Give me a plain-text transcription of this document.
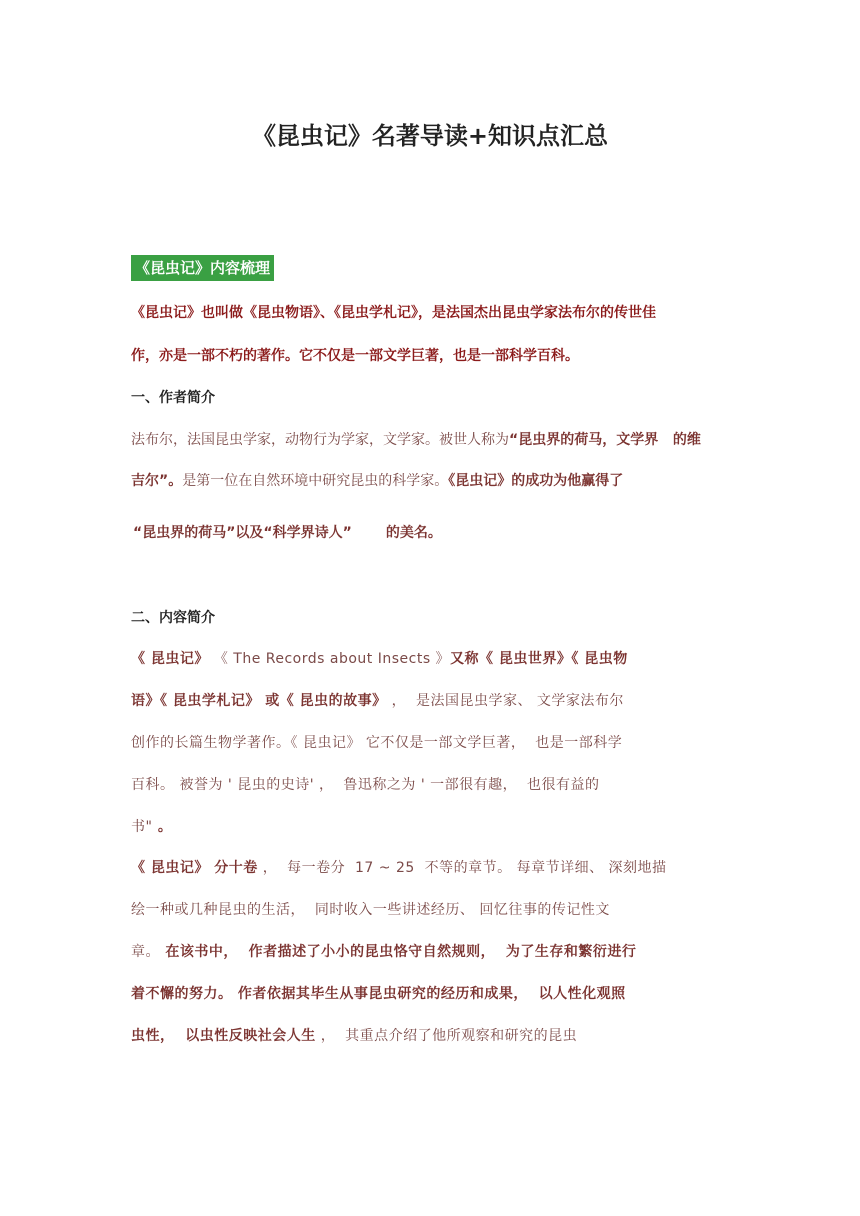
《昆虫记》名著导读+知识点汇总
《昆虫记》内容梳理
《昆虫记》也叫做《昆虫物语》、《昆虫学札记》，是法国杰出昆虫学家法布尔的传世佳
作，亦是一部不朽的著作。它不仅是一部文学巨著，也是一部科学百科。
一、作者简介
法布尔，法国昆虫学家，动物行为学家，文学家。被世人称为“昆虫界的荷马，文学界   的维
吉尔”。是第一位在自然环境中研究昆虫的科学家。《昆虫记》的成功为他赢得了
“昆虫界的荷马”以及“科学界诗人”       的美名。
二、内容简介
《 昆虫记》 《 The Records about Insects 》又称《 昆虫世界》《 昆虫物
语》《 昆虫学札记》 或《 昆虫的故事》 ，  是法国昆虫学家、 文学家法布尔
创作的长篇生物学著作。《 昆虫记》 它不仅是一部文学巨著，  也是一部科学
百科。 被誉为 ' 昆虫的史诗' ，  鲁迅称之为 ' 一部很有趣，  也很有益的
书" 。
《 昆虫记》 分十卷 ，  每一卷分  17 ~ 25  不等的章节。 每章节详细、 深刻地描
绘一种或几种昆虫的生活，  同时收入一些讲述经历、 回忆往事的传记性文
章。 在该书中，  作者描述了小小的昆虫恪守自然规则，  为了生存和繁衍进行
着不懈的努力。 作者依据其毕生从事昆虫研究的经历和成果，  以人性化观照
虫性，  以虫性反映社会人生 ，  其重点介绍了他所观察和研究的昆虫
